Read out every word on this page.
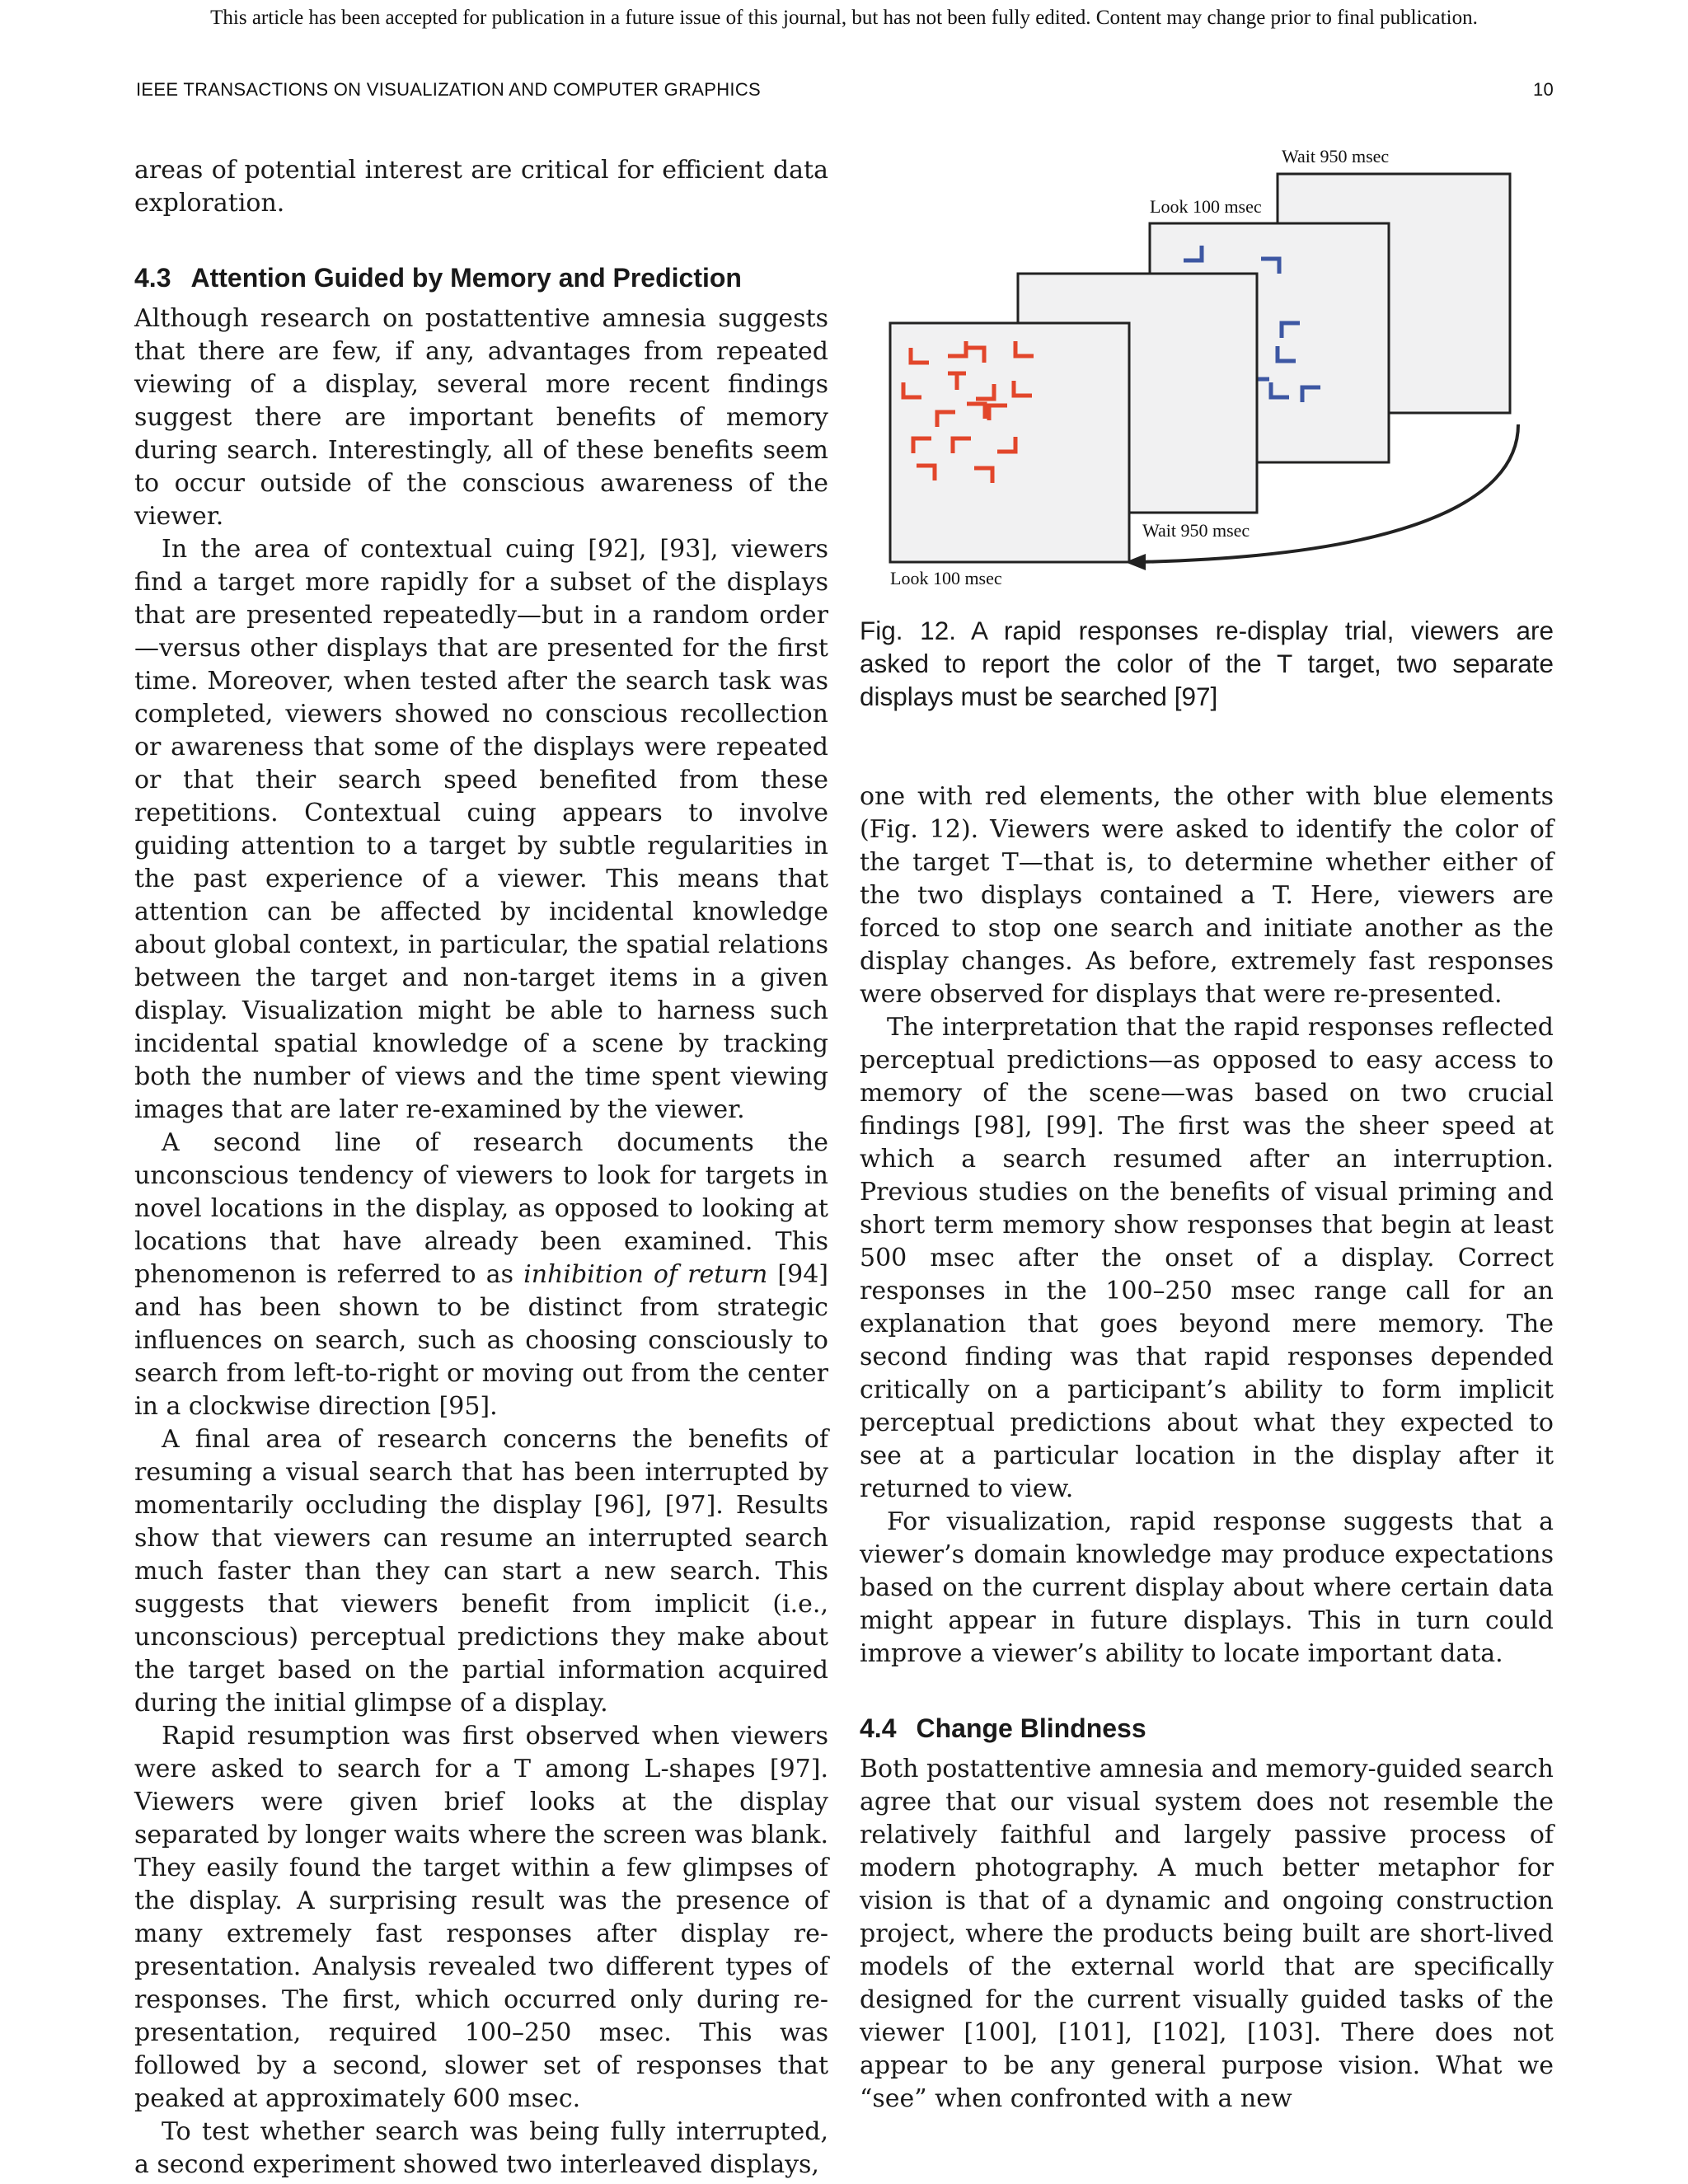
This article has been accepted for publication in a future issue of this journal, but has not been fully edited. Content may change prior to final publication.
IEEE TRANSACTIONS ON VISUALIZATION AND COMPUTER GRAPHICS	10

areas of potential interest are critical for efficient data exploration.

4.3 Attention Guided by Memory and Prediction

Although research on postattentive amnesia suggests that there are few, if any, advantages from repeated viewing of a display, several more recent findings suggest there are important benefits of memory during search. Interestingly, all of these benefits seem to occur outside of the conscious awareness of the viewer.

In the area of contextual cuing [92], [93], viewers find a target more rapidly for a subset of the displays that are presented repeatedly—but in a random order—versus other displays that are presented for the first time. Moreover, when tested after the search task was completed, viewers showed no conscious recollection or awareness that some of the displays were repeated or that their search speed benefited from these repetitions. Contextual cuing appears to involve guiding attention to a target by subtle regularities in the past experience of a viewer. This means that attention can be affected by incidental knowledge about global context, in particular, the spatial relations between the target and non-target items in a given display. Visualization might be able to harness such incidental spatial knowledge of a scene by tracking both the number of views and the time spent viewing images that are later re-examined by the viewer.

A second line of research documents the unconscious tendency of viewers to look for targets in novel locations in the display, as opposed to looking at locations that have already been examined. This phenomenon is referred to as inhibition of return [94] and has been shown to be distinct from strategic influences on search, such as choosing consciously to search from left-to-right or moving out from the center in a clockwise direction [95].

A final area of research concerns the benefits of resuming a visual search that has been interrupted by momentarily occluding the display [96], [97]. Results show that viewers can resume an interrupted search much faster than they can start a new search. This suggests that viewers benefit from implicit (i.e., unconscious) perceptual predictions they make about the target based on the partial information acquired during the initial glimpse of a display.

Rapid resumption was first observed when viewers were asked to search for a T among L-shapes [97]. Viewers were given brief looks at the display separated by longer waits where the screen was blank. They easily found the target within a few glimpses of the display. A surprising result was the presence of many extremely fast responses after display re-presentation. Analysis revealed two different types of responses. The first, which occurred only during re-presentation, required 100–250 msec. This was followed by a second, slower set of responses that peaked at approximately 600 msec.

To test whether search was being fully interrupted, a second experiment showed two interleaved displays,

Wait 950 msec
Look 100 msec
Wait 950 msec
Look 100 msec
Fig. 12. A rapid responses re-display trial, viewers are asked to report the color of the T target, two separate displays must be searched [97]

one with red elements, the other with blue elements (Fig. 12). Viewers were asked to identify the color of the target T—that is, to determine whether either of the two displays contained a T. Here, viewers are forced to stop one search and initiate another as the display changes. As before, extremely fast responses were observed for displays that were re-presented.

The interpretation that the rapid responses reflected perceptual predictions—as opposed to easy access to memory of the scene—was based on two crucial findings [98], [99]. The first was the sheer speed at which a search resumed after an interruption. Previous studies on the benefits of visual priming and short term memory show responses that begin at least 500 msec after the onset of a display. Correct responses in the 100–250 msec range call for an explanation that goes beyond mere memory. The second finding was that rapid responses depended critically on a participant’s ability to form implicit perceptual predictions about what they expected to see at a particular location in the display after it returned to view.

For visualization, rapid response suggests that a viewer’s domain knowledge may produce expectations based on the current display about where certain data might appear in future displays. This in turn could improve a viewer’s ability to locate important data.

4.4 Change Blindness

Both postattentive amnesia and memory-guided search agree that our visual system does not resemble the relatively faithful and largely passive process of modern photography. A much better metaphor for vision is that of a dynamic and ongoing construction project, where the products being built are short-lived models of the external world that are specifically designed for the current visually guided tasks of the viewer [100], [101], [102], [103]. There does not appear to be any general purpose vision. What we “see” when confronted with a new
